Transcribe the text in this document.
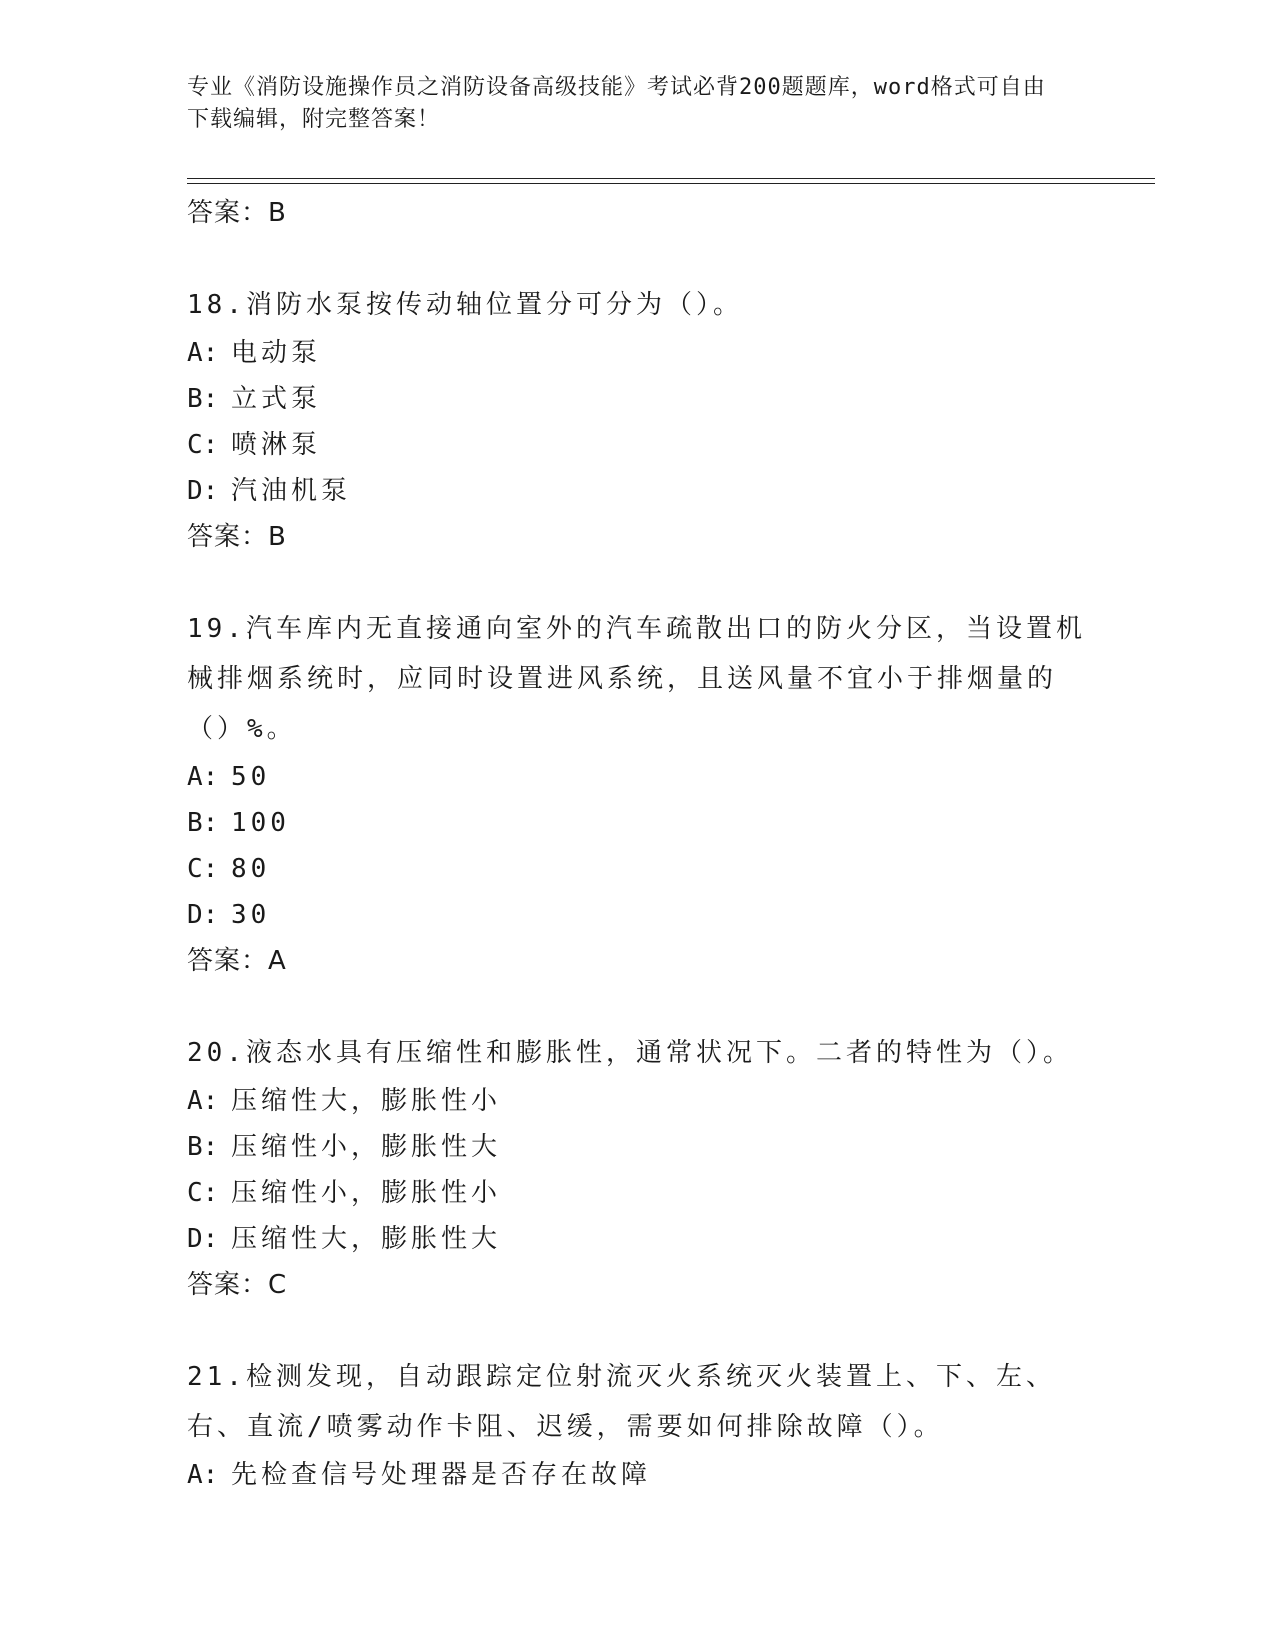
专业《消防设施操作员之消防设备高级技能》考试必背200题题库，word格式可自由下载编辑，附完整答案！
答案：B
18.消防水泵按传动轴位置分可分为（）。
A: 电动泵
B: 立式泵
C: 喷淋泵
D: 汽油机泵
答案：B
19.汽车库内无直接通向室外的汽车疏散出口的防火分区，当设置机械排烟系统时，应同时设置进风系统，且送风量不宜小于排烟量的（）%。
A: 50
B: 100
C: 80
D: 30
答案：A
20.液态水具有压缩性和膨胀性，通常状况下。二者的特性为（）。
A: 压缩性大，膨胀性小
B: 压缩性小，膨胀性大
C: 压缩性小，膨胀性小
D: 压缩性大，膨胀性大
答案：C
21.检测发现，自动跟踪定位射流灭火系统灭火装置上、下、左、右、直流/喷雾动作卡阻、迟缓，需要如何排除故障（）。
A: 先检查信号处理器是否存在故障
